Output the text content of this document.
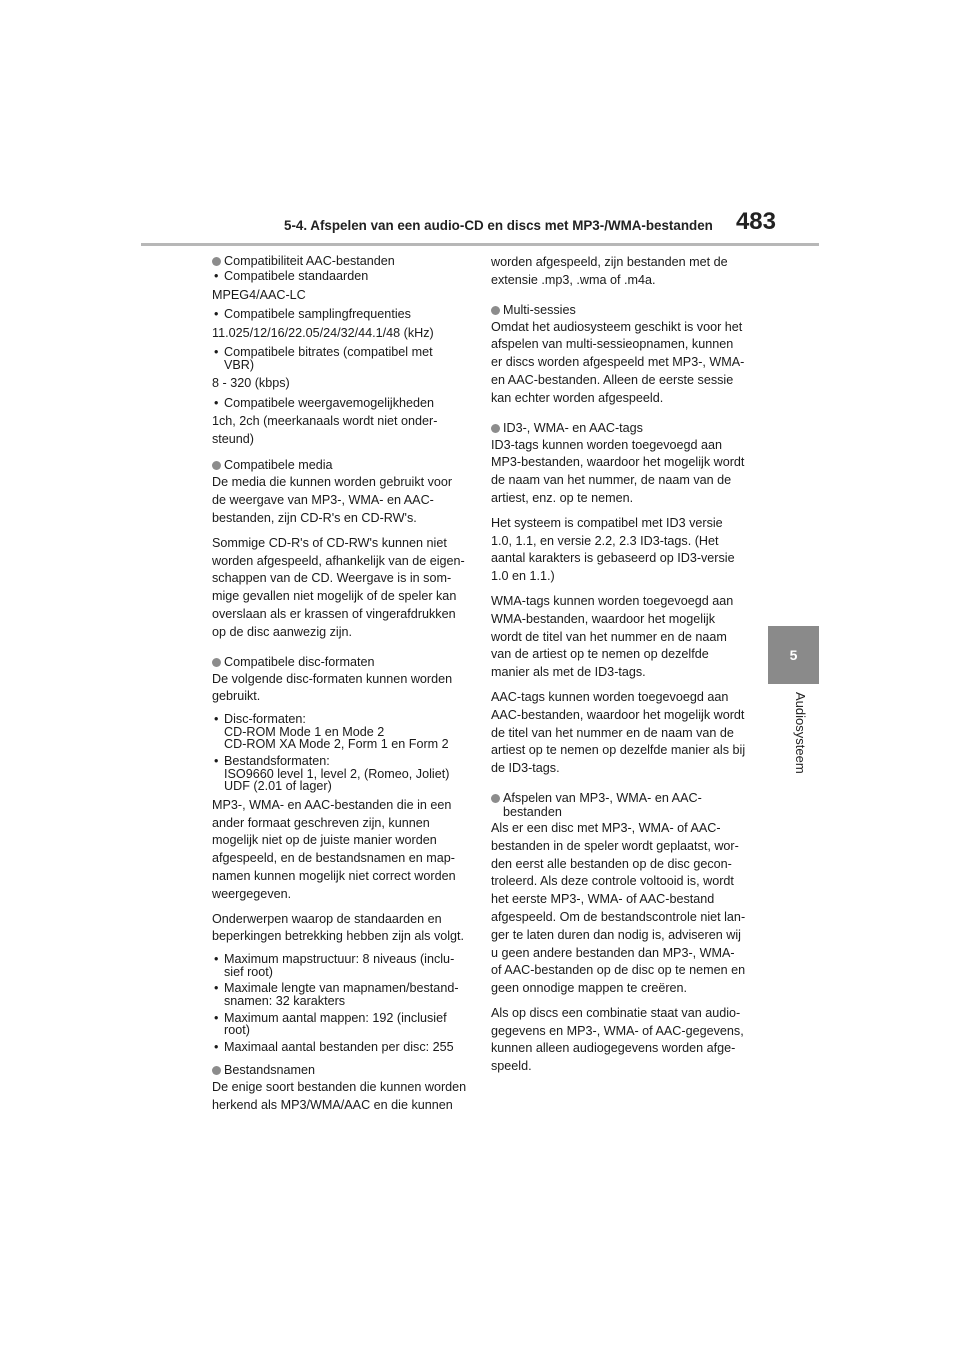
5-4. Afspelen van een audio-CD en discs met MP3-/WMA-bestanden 483
5
Audiosysteem
Compatibiliteit AAC-bestanden
• Compatibele standaarden
MPEG4/AAC-LC
• Compatibele samplingfrequenties
11.025/12/16/22.05/24/32/44.1/48 (kHz)
• Compatibele bitrates (compatibel met
VBR)
8 - 320 (kbps)
• Compatibele weergavemogelijkheden
1ch, 2ch (meerkanaals wordt niet onder-
steund)
Compatibele media
De media die kunnen worden gebruikt voor
de weergave van MP3-, WMA- en AAC-
bestanden, zijn CD-R's en CD-RW's.
Sommige CD-R's of CD-RW's kunnen niet
worden afgespeeld, afhankelijk van de eigen-
schappen van de CD. Weergave is in som-
mige gevallen niet mogelijk of de speler kan
overslaan als er krassen of vingerafdrukken
op de disc aanwezig zijn.
Compatibele disc-formaten
De volgende disc-formaten kunnen worden
gebruikt.
• Disc-formaten:
CD-ROM Mode 1 en Mode 2
CD-ROM XA Mode 2, Form 1 en Form 2
• Bestandsformaten:
ISO9660 level 1, level 2, (Romeo, Joliet)
UDF (2.01 of lager)
MP3-, WMA- en AAC-bestanden die in een
ander formaat geschreven zijn, kunnen
mogelijk niet op de juiste manier worden
afgespeeld, en de bestandsnamen en map-
namen kunnen mogelijk niet correct worden
weergegeven.
Onderwerpen waarop de standaarden en
beperkingen betrekking hebben zijn als volgt.
• Maximum mapstructuur: 8 niveaus (inclu-
sief root)
• Maximale lengte van mapnamen/bestand-
snamen: 32 karakters
• Maximum aantal mappen: 192 (inclusief
root)
• Maximaal aantal bestanden per disc: 255
Bestandsnamen
De enige soort bestanden die kunnen worden
herkend als MP3/WMA/AAC en die kunnen
worden afgespeeld, zijn bestanden met de
extensie .mp3, .wma of .m4a.
Multi-sessies
Omdat het audiosysteem geschikt is voor het
afspelen van multi-sessieopnamen, kunnen
er discs worden afgespeeld met MP3-, WMA-
en AAC-bestanden. Alleen de eerste sessie
kan echter worden afgespeeld.
ID3-, WMA- en AAC-tags
ID3-tags kunnen worden toegevoegd aan
MP3-bestanden, waardoor het mogelijk wordt
de naam van het nummer, de naam van de
artiest, enz. op te nemen.
Het systeem is compatibel met ID3 versie
1.0, 1.1, en versie 2.2, 2.3 ID3-tags. (Het
aantal karakters is gebaseerd op ID3-versie
1.0 en 1.1.)
WMA-tags kunnen worden toegevoegd aan
WMA-bestanden, waardoor het mogelijk
wordt de titel van het nummer en de naam
van de artiest op te nemen op dezelfde
manier als met de ID3-tags.
AAC-tags kunnen worden toegevoegd aan
AAC-bestanden, waardoor het mogelijk wordt
de titel van het nummer en de naam van de
artiest op te nemen op dezelfde manier als bij
de ID3-tags.
Afspelen van MP3-, WMA- en AAC-
bestanden
Als er een disc met MP3-, WMA- of AAC-
bestanden in de speler wordt geplaatst, wor-
den eerst alle bestanden op de disc gecon-
troleerd. Als deze controle voltooid is, wordt
het eerste MP3-, WMA- of AAC-bestand
afgespeeld. Om de bestandscontrole niet lan-
ger te laten duren dan nodig is, adviseren wij
u geen andere bestanden dan MP3-, WMA-
of AAC-bestanden op de disc op te nemen en
geen onnodige mappen te creëren.
Als op discs een combinatie staat van audio-
gegevens en MP3-, WMA- of AAC-gegevens,
kunnen alleen audiogegevens worden afge-
speeld.
